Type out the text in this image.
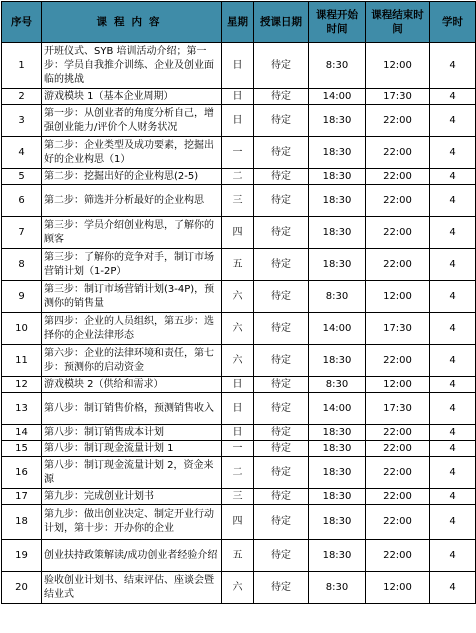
序号	课程内容	星期	授课日期	课程开始时间	课程结束时间	学时
1	开班仪式、SYB 培训活动介绍；第一步：学员自我推介训练、企业及创业面临的挑战	日	待定	8:30	12:00	4
2	游戏模块 1（基本企业周期）	日	待定	14:00	17:30	4
3	第一步：从创业者的角度分析自己，增强创业能力/评价个人财务状况	日	待定	18:30	22:00	4
4	第二步：企业类型及成功要素，挖掘出好的企业构思（1）	一	待定	18:30	22:00	4
5	第二步：挖掘出好的企业构思(2-5)	二	待定	18:30	22:00	4
6	第二步：筛选并分析最好的企业构思	三	待定	18:30	22:00	4
7	第三步：学员介绍创业构思，了解你的顾客	四	待定	18:30	22:00	4
8	第三步：了解你的竞争对手，制订市场营销计划（1-2P）	五	待定	18:30	22:00	4
9	第三步：制订市场营销计划(3-4P)，预测你的销售量	六	待定	8:30	12:00	4
10	第四步：企业的人员组织，第五步：选择你的企业法律形态	六	待定	14:00	17:30	4
11	第六步：企业的法律环境和责任，第七步：预测你的启动资金	六	待定	18:30	22:00	4
12	游戏模块 2（供给和需求）	日	待定	8:30	12:00	4
13	第八步：制订销售价格，预测销售收入	日	待定	14:00	17:30	4
14	第八步：制订销售成本计划	日	待定	18:30	22:00	4
15	第八步：制订现金流量计划 1	一	待定	18:30	22:00	4
16	第八步：制订现金流量计划 2，资金来源	二	待定	18:30	22:00	4
17	第九步：完成创业计划书	三	待定	18:30	22:00	4
18	第九步：做出创业决定、制定开业行动计划，第十步：开办你的企业	四	待定	18:30	22:00	4
19	创业扶持政策解读/成功创业者经验介绍	五	待定	18:30	22:00	4
20	验收创业计划书、结束评估、座谈会暨结业式	六	待定	8:30	12:00	4
